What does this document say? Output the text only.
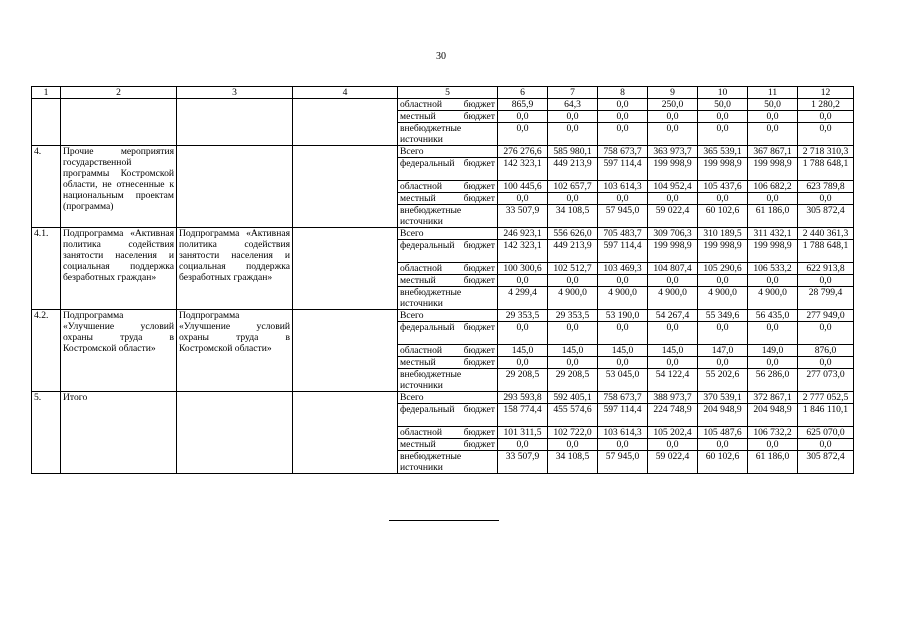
30
1	2	3	4	5	6	7	8	9	10	11	12
				областной бюджет	865,9	64,3	0,0	250,0	50,0	50,0	1 280,2
				местный бюджет	0,0	0,0	0,0	0,0	0,0	0,0	0,0
				внебюджетные источники	0,0	0,0	0,0	0,0	0,0	0,0	0,0
4.	Прочие мероприятия государственной программы Костромской области, не отнесенные к национальным проектам (программа)			Всего	276 276,6	585 980,1	758 673,7	363 973,7	365 539,1	367 867,1	2 718 310,3
				федеральный бюджет	142 323,1	449 213,9	597 114,4	199 998,9	199 998,9	199 998,9	1 788 648,1
				областной бюджет	100 445,6	102 657,7	103 614,3	104 952,4	105 437,6	106 682,2	623 789,8
				местный бюджет	0,0	0,0	0,0	0,0	0,0	0,0	0,0
				внебюджетные источники	33 507,9	34 108,5	57 945,0	59 022,4	60 102,6	61 186,0	305 872,4
4.1.	Подпрограмма «Активная политика содействия занятости населения и социальная поддержка безработных граждан»	Подпрограмма «Активная политика содействия занятости населения и социальная поддержка безработных граждан»		Всего	246 923,1	556 626,0	705 483,7	309 706,3	310 189,5	311 432,1	2 440 361,3
				федеральный бюджет	142 323,1	449 213,9	597 114,4	199 998,9	199 998,9	199 998,9	1 788 648,1
				областной бюджет	100 300,6	102 512,7	103 469,3	104 807,4	105 290,6	106 533,2	622 913,8
				местный бюджет	0,0	0,0	0,0	0,0	0,0	0,0	0,0
				внебюджетные источники	4 299,4	4 900,0	4 900,0	4 900,0	4 900,0	4 900,0	28 799,4
4.2.	Подпрограмма «Улучшение условий охраны труда в Костромской области»	Подпрограмма «Улучшение условий охраны труда в Костромской области»		Всего	29 353,5	29 353,5	53 190,0	54 267,4	55 349,6	56 435,0	277 949,0
				федеральный бюджет	0,0	0,0	0,0	0,0	0,0	0,0	0,0
				областной бюджет	145,0	145,0	145,0	145,0	147,0	149,0	876,0
				местный бюджет	0,0	0,0	0,0	0,0	0,0	0,0	0,0
				внебюджетные источники	29 208,5	29 208,5	53 045,0	54 122,4	55 202,6	56 286,0	277 073,0
5.	Итого			Всего	293 593,8	592 405,1	758 673,7	388 973,7	370 539,1	372 867,1	2 777 052,5
				федеральный бюджет	158 774,4	455 574,6	597 114,4	224 748,9	204 948,9	204 948,9	1 846 110,1
				областной бюджет	101 311,5	102 722,0	103 614,3	105 202,4	105 487,6	106 732,2	625 070,0
				местный бюджет	0,0	0,0	0,0	0,0	0,0	0,0	0,0
				внебюджетные источники	33 507,9	34 108,5	57 945,0	59 022,4	60 102,6	61 186,0	305 872,4
